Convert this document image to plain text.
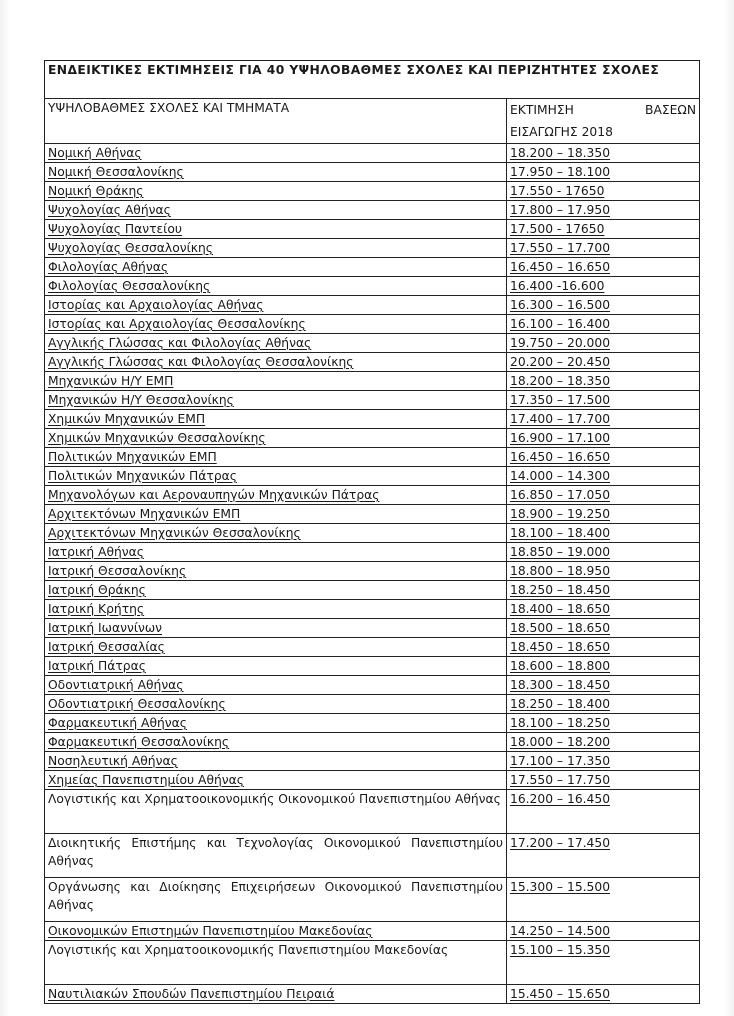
ΕΝΔΕΙΚΤΙΚΕΣ ΕΚΤΙΜΗΣΕΙΣ ΓΙΑ 40 ΥΨΗΛΟΒΑΘΜΕΣ ΣΧΟΛΕΣ ΚΑΙ ΠΕΡΙΖΗΤΗΤΕΣ ΣΧΟΛΕΣ	
ΥΨΗΛΟΒΑΘΜΕΣ ΣΧΟΛΕΣ ΚΑΙ ΤΜΗΜΑΤΑ	ΕΚΤΙΜΗΣΗ ΒΑΣΕΩΝ
ΕΙΣΑΓΩΓΗΣ 2018

Νομική Αθήνας	18.200 – 18.350
Νομική Θεσσαλονίκης	17.950 – 18.100
Νομική Θράκης	17.550 - 17650
Ψυχολογίας Αθήνας	17.800 – 17.950
Ψυχολογίας Παντείου	17.500 - 17650
Ψυχολογίας Θεσσαλονίκης	17.550 – 17.700
Φιλολογίας Αθήνας	16.450 – 16.650
Φιλολογίας Θεσσαλονίκης	16.400 -16.600
Ιστορίας και Αρχαιολογίας Αθήνας	16.300 – 16.500
Ιστορίας και Αρχαιολογίας Θεσσαλονίκης	16.100 – 16.400
Αγγλικής Γλώσσας και Φιλολογίας Αθήνας	19.750 – 20.000
Αγγλικής Γλώσσας και Φιλολογίας Θεσσαλονίκης	20.200 – 20.450
Μηχανικών Η/Υ ΕΜΠ	18.200 – 18.350
Μηχανικών Η/Υ Θεσσαλονίκης	17.350 – 17.500
Χημικών Μηχανικών ΕΜΠ	17.400 – 17.700
Χημικών Μηχανικών Θεσσαλονίκης	16.900 – 17.100
Πολιτικών Μηχανικών ΕΜΠ	16.450 – 16.650
Πολιτικών Μηχανικών Πάτρας	14.000 – 14.300
Μηχανολόγων και Αεροναυπηγών Μηχανικών Πάτρας	16.850 – 17.050
Αρχιτεκτόνων Μηχανικών ΕΜΠ	18.900 – 19.250
Αρχιτεκτόνων Μηχανικών Θεσσαλονίκης	18.100 – 18.400
Ιατρική Αθήνας	18.850 – 19.000
Ιατρική Θεσσαλονίκης	18.800 – 18.950
Ιατρική Θράκης	18.250 – 18.450
Ιατρική Κρήτης	18.400 – 18.650
Ιατρική Ιωαννίνων	18.500 – 18.650
Ιατρική Θεσσαλίας	18.450 – 18.650
Ιατρική Πάτρας	18.600 – 18.800
Οδοντιατρική Αθήνας	18.300 – 18.450
Οδοντιατρική Θεσσαλονίκης	18.250 – 18.400
Φαρμακευτική Αθήνας	18.100 – 18.250
Φαρμακευτική Θεσσαλονίκης	18.000 – 18.200
Νοσηλευτική Αθήνας	17.100 – 17.350
Χημείας Πανεπιστημίου Αθήνας	17.550 – 17.750
Λογιστικής και Χρηματοοικονομικής Οικονομικού Πανεπιστημίου Αθήνας	16.200 – 16.450
Διοικητικής Επιστήμης και Τεχνολογίας Οικονομικού Πανεπιστημίου Αθήνας	17.200 – 17.450
Οργάνωσης και Διοίκησης Επιχειρήσεων Οικονομικού Πανεπιστημίου Αθήνας	15.300 – 15.500
Οικονομικών Επιστημών Πανεπιστημίου Μακεδονίας	14.250 – 14.500
Λογιστικής και Χρηματοοικονομικής Πανεπιστημίου Μακεδονίας	15.100 – 15.350
Ναυτιλιακών Σπουδών Πανεπιστημίου Πειραιά	15.450 – 15.650
